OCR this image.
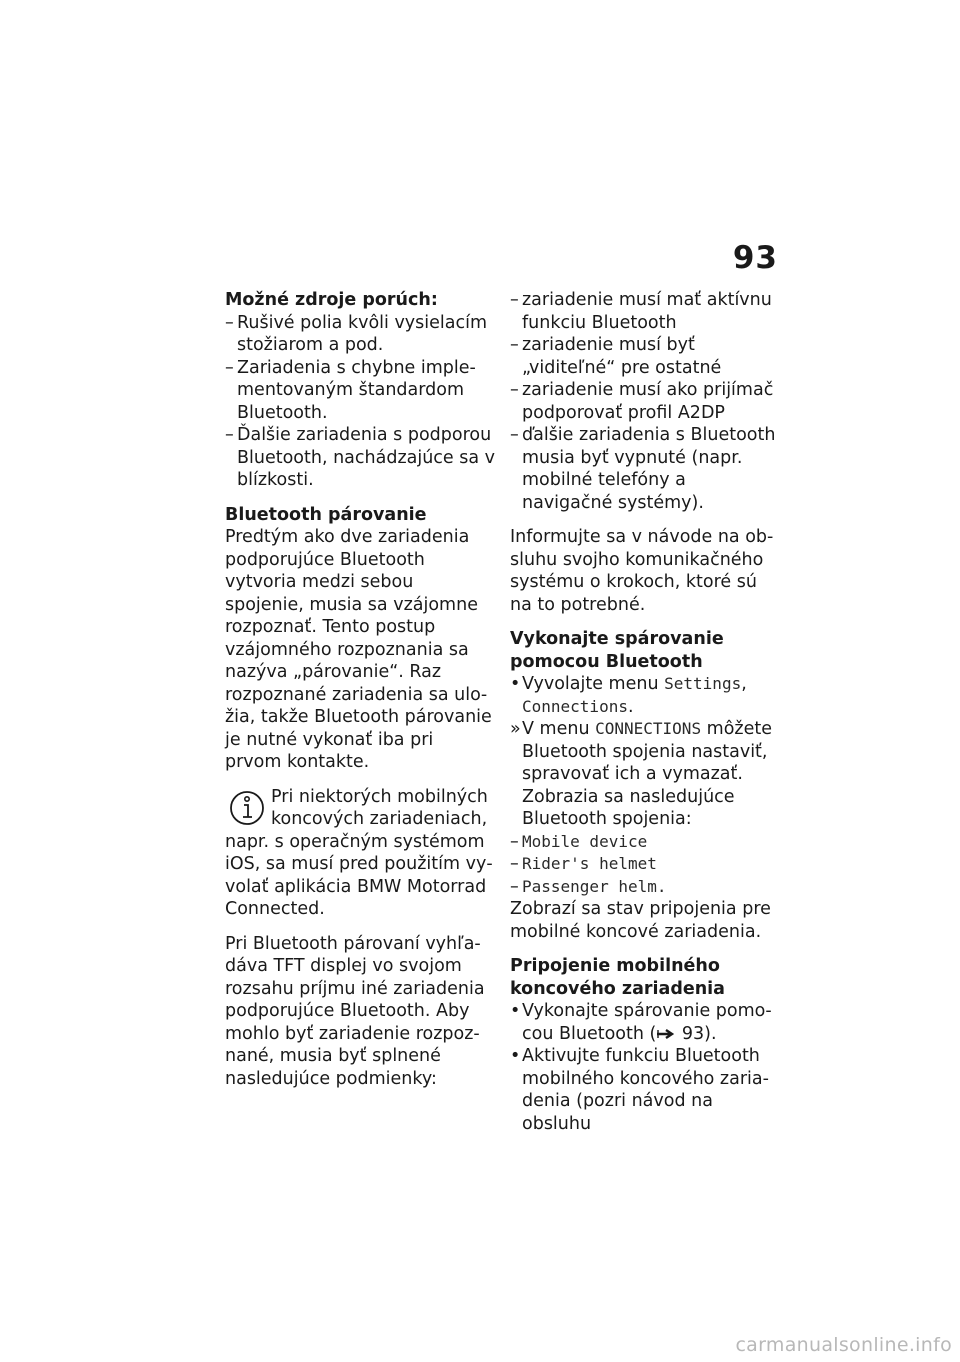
93

Možné zdroje porúch:

– Rušivé polia kvôli vysielacím stožiarom a pod.
– Zariadenia s chybne implementovaným štandardom Bluetooth.
– Ďalšie zariadenia s podporou Bluetooth, nachádzajúce sa v blízkosti.

Bluetooth párovanie

Predtým ako dve zariadenia podporujúce Bluetooth vytvoria medzi sebou spojenie, musia sa vzájomne rozpoznať. Tento postup vzájomného rozpoznania sa nazýva „párovanie“. Raz rozpoznané zariadenia sa uložia, takže Bluetooth párovanie je nutné vykonať iba pri prvom kontakte.

Pri niektorých mobilných koncových zariadeniach, napr. s operačným systémom iOS, sa musí pred použitím vyvolať aplikácia BMW Motorrad Connected.

Pri Bluetooth párovaní vyhľadáva TFT displej vo svojom rozsahu príjmu iné zariadenia podporujúce Bluetooth. Aby mohlo byť zariadenie rozpoznané, musia byť splnené nasledujúce podmienky:

– zariadenie musí mať aktívnu funkciu Bluetooth
– zariadenie musí byť „viditeľné“ pre ostatné
– zariadenie musí ako prijímač podporovať profil A2DP
– ďalšie zariadenia s Bluetooth musia byť vypnuté (napr. mobilné telefóny a navigačné systémy).

Informujte sa v návode na obsluhu svojho komunikačného systému o krokoch, ktoré sú na to potrebné.

Vykonajte spárovanie pomocou Bluetooth

• Vyvolajte menu Settings, Connections.
» V menu CONNECTIONS môžete Bluetooth spojenia nastaviť, spravovať ich a vymazať. Zobrazia sa nasledujúce Bluetooth spojenia:
– Mobile device
– Rider's helmet
– Passenger helm.

Zobrazí sa stav pripojenia pre mobilné koncové zariadenia.

Pripojenie mobilného koncového zariadenia

• Vykonajte spárovanie pomocou Bluetooth ( 93).
• Aktivujte funkciu Bluetooth mobilného koncového zariadenia (pozri návod na obsluhu
carmanualsonline.info
